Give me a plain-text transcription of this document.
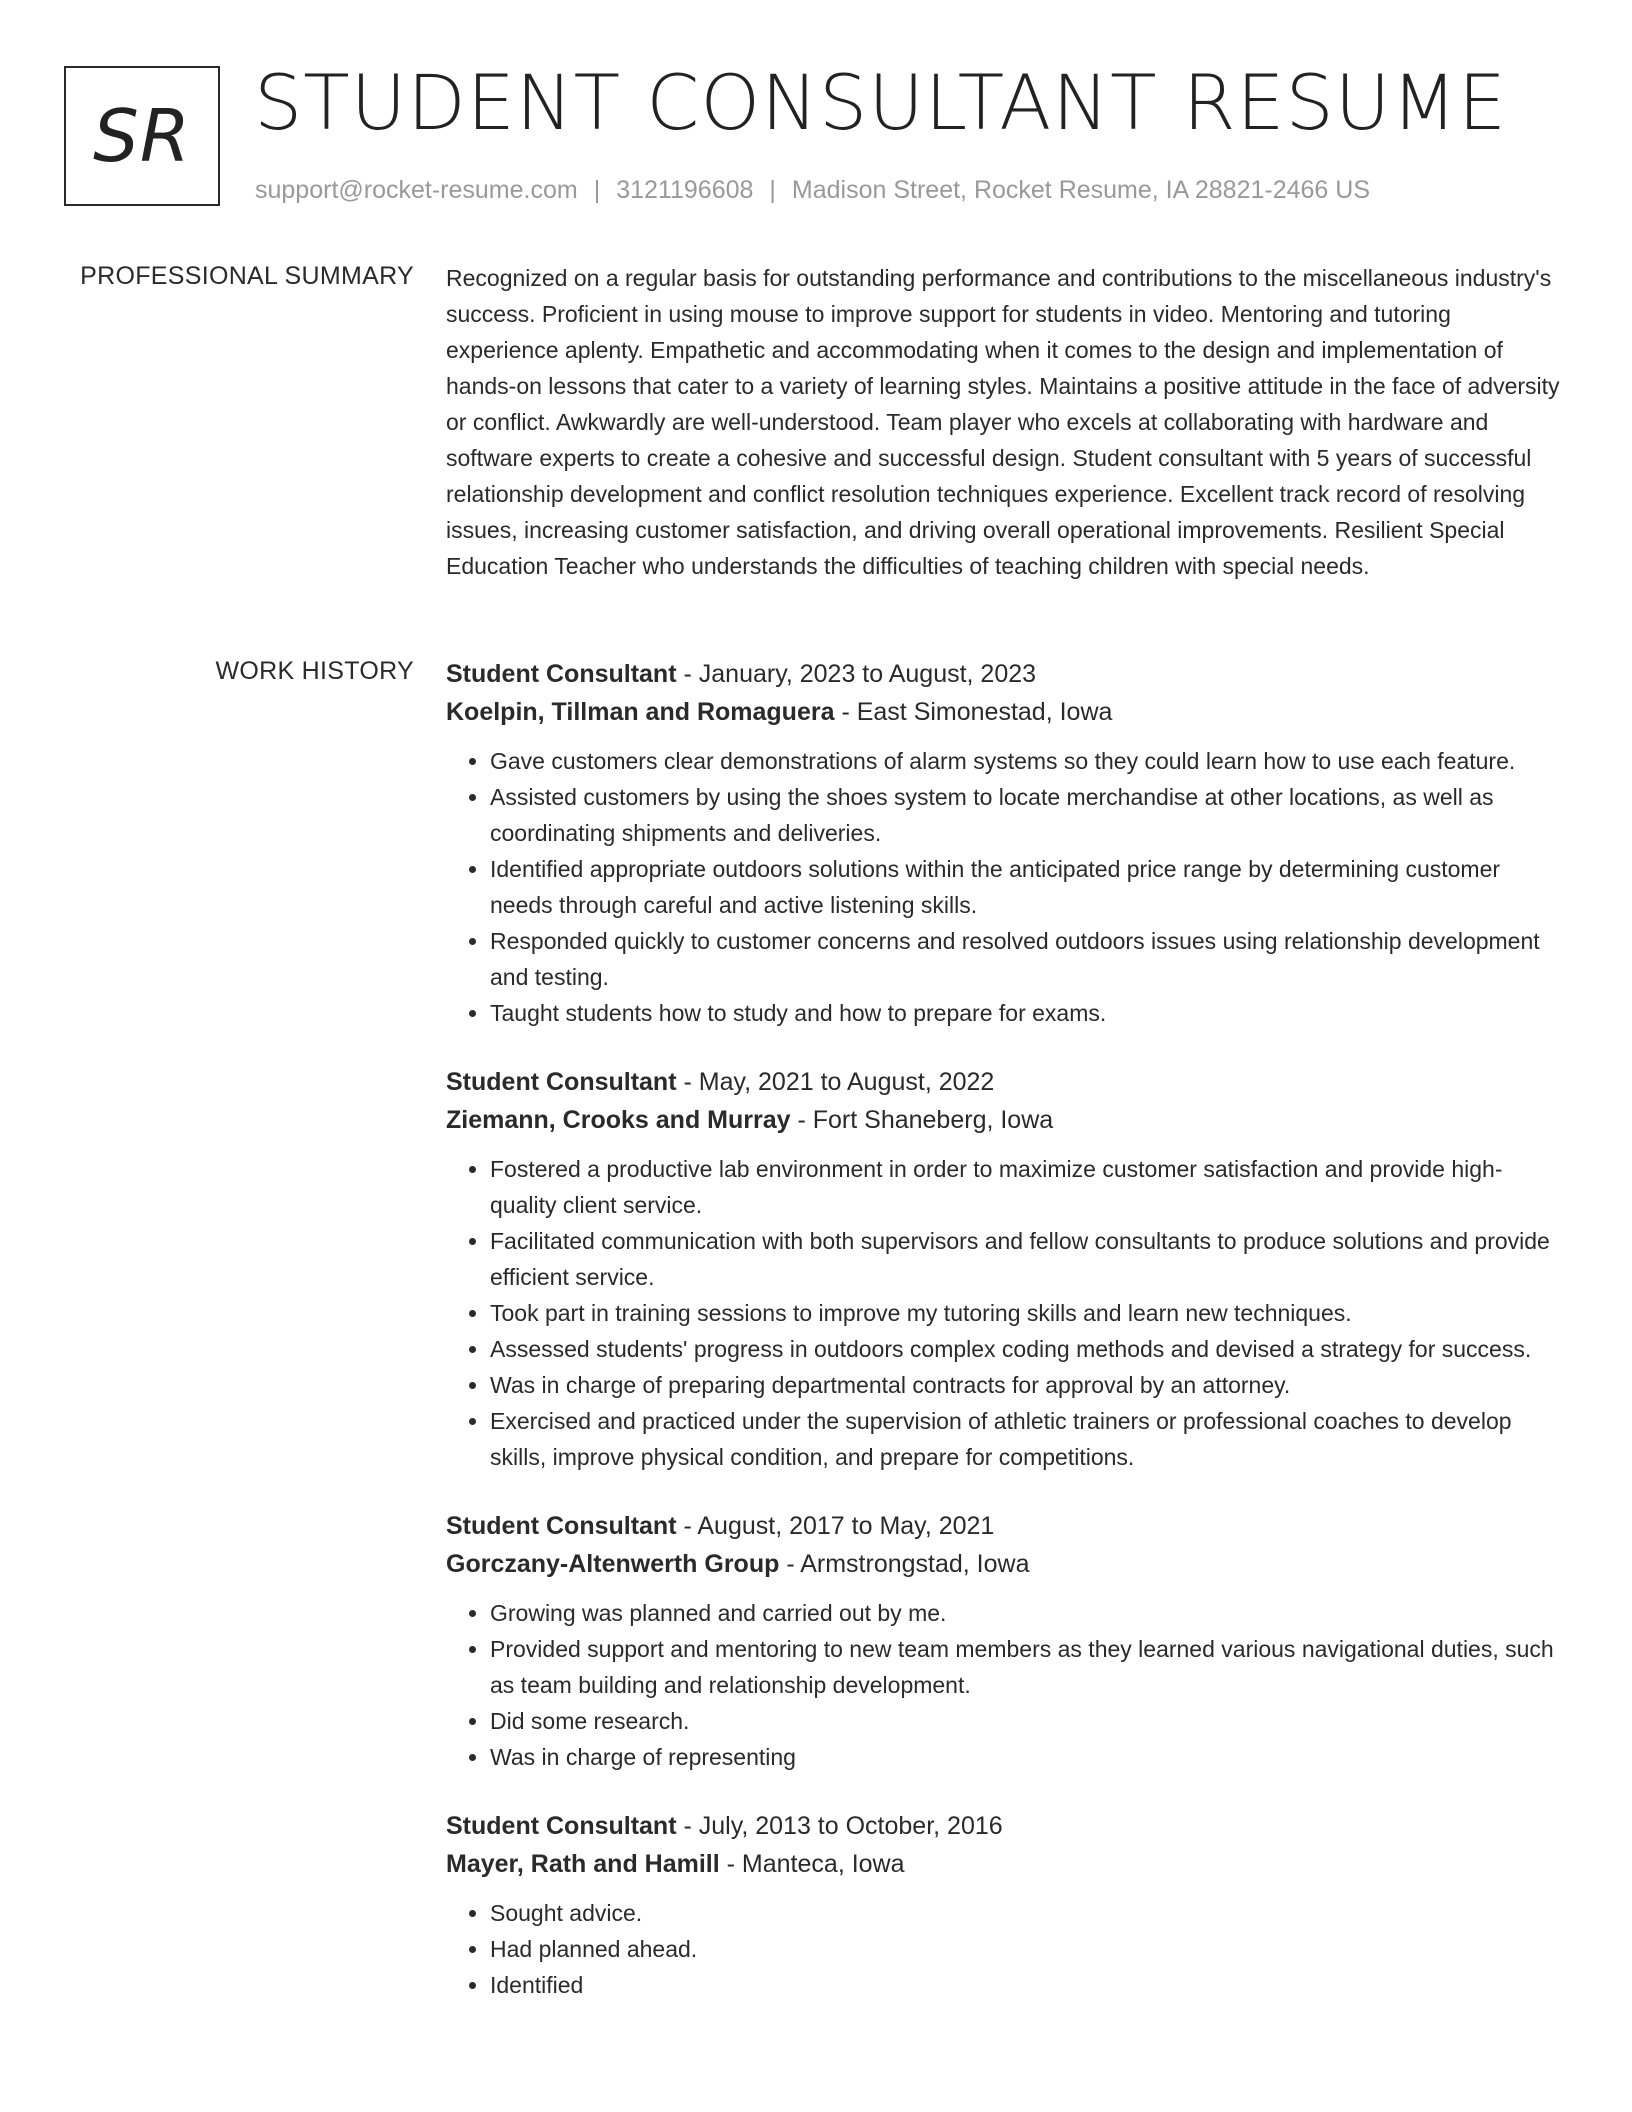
SR STUDENT CONSULTANT RESUME
support@rocket-resume.com | 3121196608 | Madison Street, Rocket Resume, IA 28821-2466 US
PROFESSIONAL SUMMARY Recognized on a regular basis for outstanding performance and contributions to the miscellaneous industry's success. Proficient in using mouse to improve support for students in video. Mentoring and tutoring experience aplenty. Empathetic and accommodating when it comes to the design and implementation of hands-on lessons that cater to a variety of learning styles. Maintains a positive attitude in the face of adversity or conflict. Awkwardly are well-understood. Team player who excels at collaborating with hardware and software experts to create a cohesive and successful design. Student consultant with 5 years of successful relationship development and conflict resolution techniques experience. Excellent track record of resolving issues, increasing customer satisfaction, and driving overall operational improvements. Resilient Special Education Teacher who understands the difficulties of teaching children with special needs.

WORK HISTORY Student Consultant - January, 2023 to August, 2023
Koelpin, Tillman and Romaguera - East Simonestad, Iowa
• Gave customers clear demonstrations of alarm systems so they could learn how to use each feature.
• Assisted customers by using the shoes system to locate merchandise at other locations, as well as coordinating shipments and deliveries.
• Identified appropriate outdoors solutions within the anticipated price range by determining customer needs through careful and active listening skills.
• Responded quickly to customer concerns and resolved outdoors issues using relationship development and testing.
• Taught students how to study and how to prepare for exams.
Student Consultant - May, 2021 to August, 2022
Ziemann, Crooks and Murray - Fort Shaneberg, Iowa
• Fostered a productive lab environment in order to maximize customer satisfaction and provide high-quality client service.
• Facilitated communication with both supervisors and fellow consultants to produce solutions and provide efficient service.
• Took part in training sessions to improve my tutoring skills and learn new techniques.
• Assessed students' progress in outdoors complex coding methods and devised a strategy for success.
• Was in charge of preparing departmental contracts for approval by an attorney.
• Exercised and practiced under the supervision of athletic trainers or professional coaches to develop skills, improve physical condition, and prepare for competitions.
Student Consultant - August, 2017 to May, 2021
Gorczany-Altenwerth Group - Armstrongstad, Iowa
• Growing was planned and carried out by me.
• Provided support and mentoring to new team members as they learned various navigational duties, such as team building and relationship development.
• Did some research.
• Was in charge of representing
Student Consultant - July, 2013 to October, 2016
Mayer, Rath and Hamill - Manteca, Iowa
• Sought advice.
• Had planned ahead.
• Identified
